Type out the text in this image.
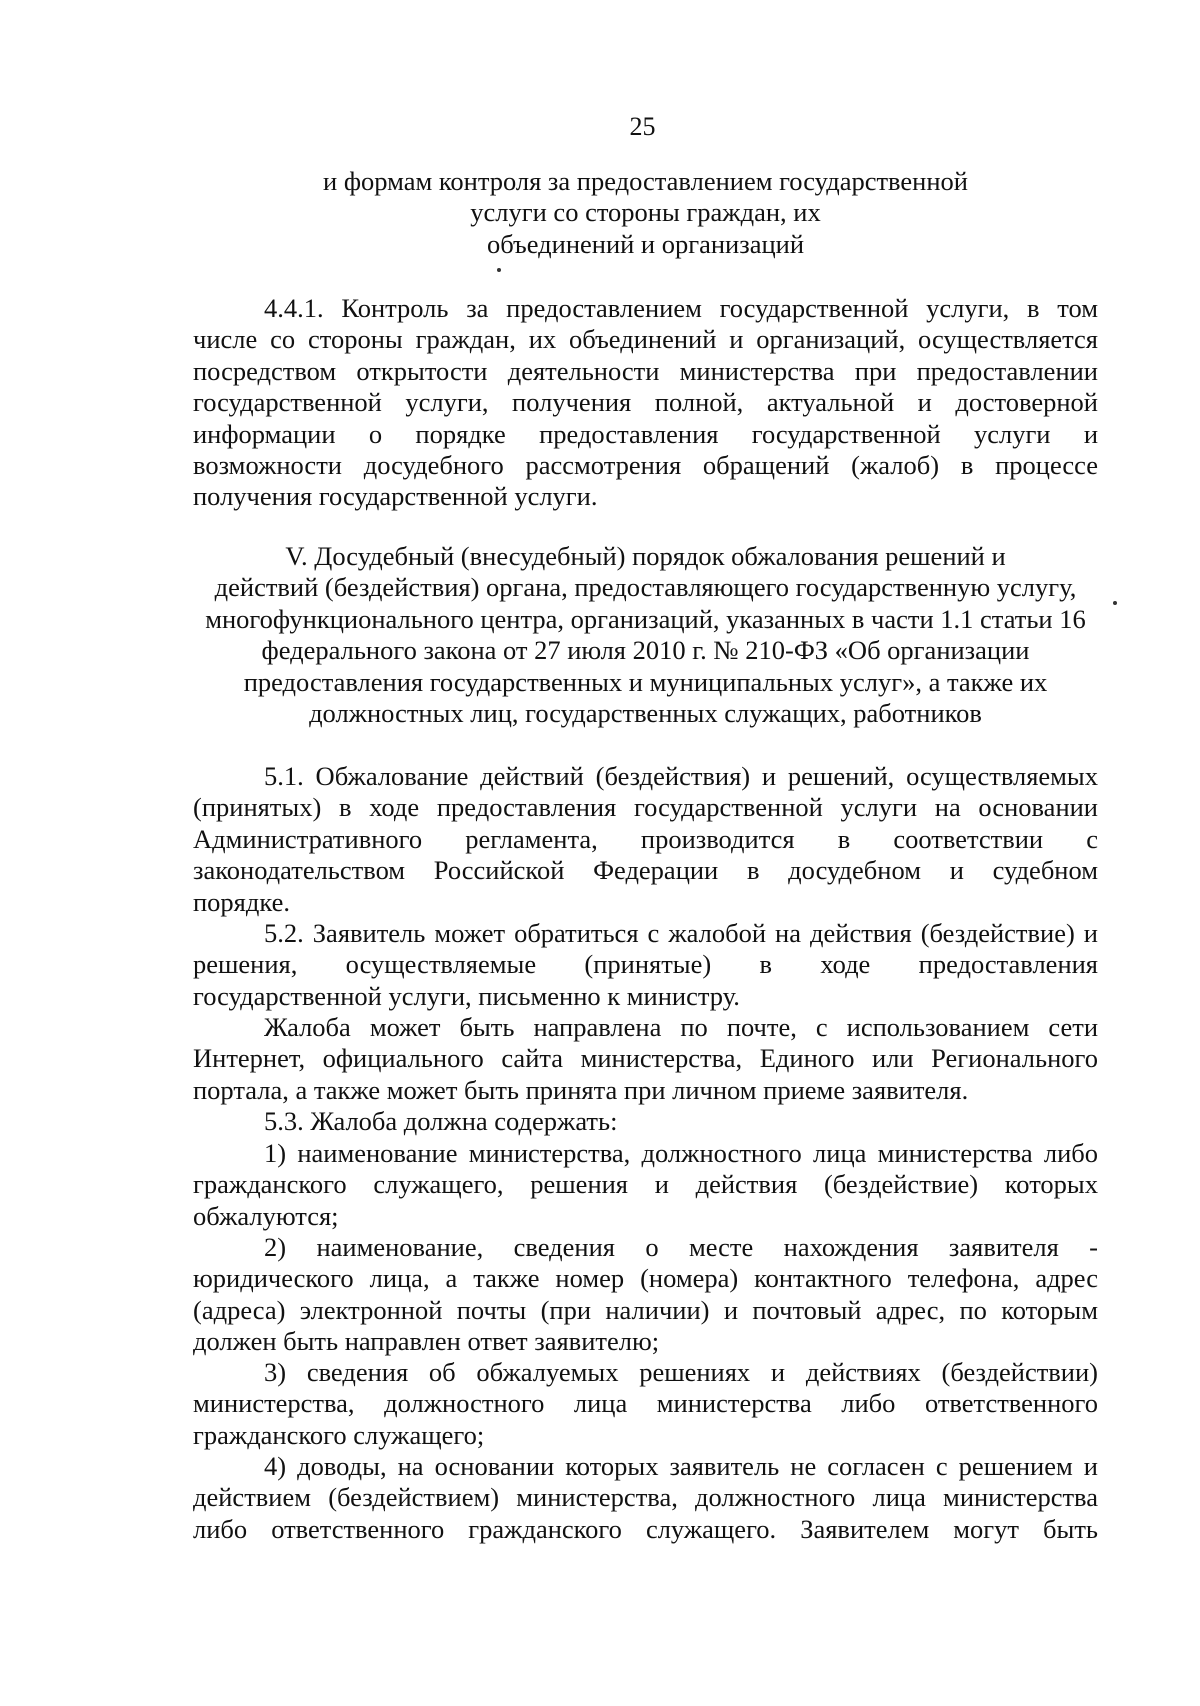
25
и формам контроля за предоставлением государственной
услуги со стороны граждан, их
объединений и организаций
4.4.1. Контроль за предоставлением государственной услуги, в том
числе со стороны граждан, их объединений и организаций, осуществляется
посредством открытости деятельности министерства при предоставлении
государственной услуги, получения полной, актуальной и достоверной
информации о порядке предоставления государственной услуги и
возможности досудебного рассмотрения обращений (жалоб) в процессе
получения государственной услуги.
V. Досудебный (внесудебный) порядок обжалования решений и
действий (бездействия) органа, предоставляющего государственную услугу,
многофункционального центра, организаций, указанных в части 1.1 статьи 16
федерального закона от 27 июля 2010 г. № 210-ФЗ «Об организации
предоставления государственных и муниципальных услуг», а также их
должностных лиц, государственных служащих, работников
5.1. Обжалование действий (бездействия) и решений, осуществляемых
(принятых) в ходе предоставления государственной услуги на основании
Административного регламента, производится в соответствии с
законодательством Российской Федерации в досудебном и судебном
порядке.
5.2. Заявитель может обратиться с жалобой на действия (бездействие) и
решения, осуществляемые (принятые) в ходе предоставления
государственной услуги, письменно к министру.
Жалоба может быть направлена по почте, с использованием сети
Интернет, официального сайта министерства, Единого или Регионального
портала, а также может быть принята при личном приеме заявителя.
5.3. Жалоба должна содержать:
1) наименование министерства, должностного лица министерства либо
гражданского служащего, решения и действия (бездействие) которых
обжалуются;
2) наименование, сведения о месте нахождения заявителя -
юридического лица, а также номер (номера) контактного телефона, адрес
(адреса) электронной почты (при наличии) и почтовый адрес, по которым
должен быть направлен ответ заявителю;
3) сведения об обжалуемых решениях и действиях (бездействии)
министерства, должностного лица министерства либо ответственного
гражданского служащего;
4) доводы, на основании которых заявитель не согласен с решением и
действием (бездействием) министерства, должностного лица министерства
либо ответственного гражданского служащего. Заявителем могут быть
